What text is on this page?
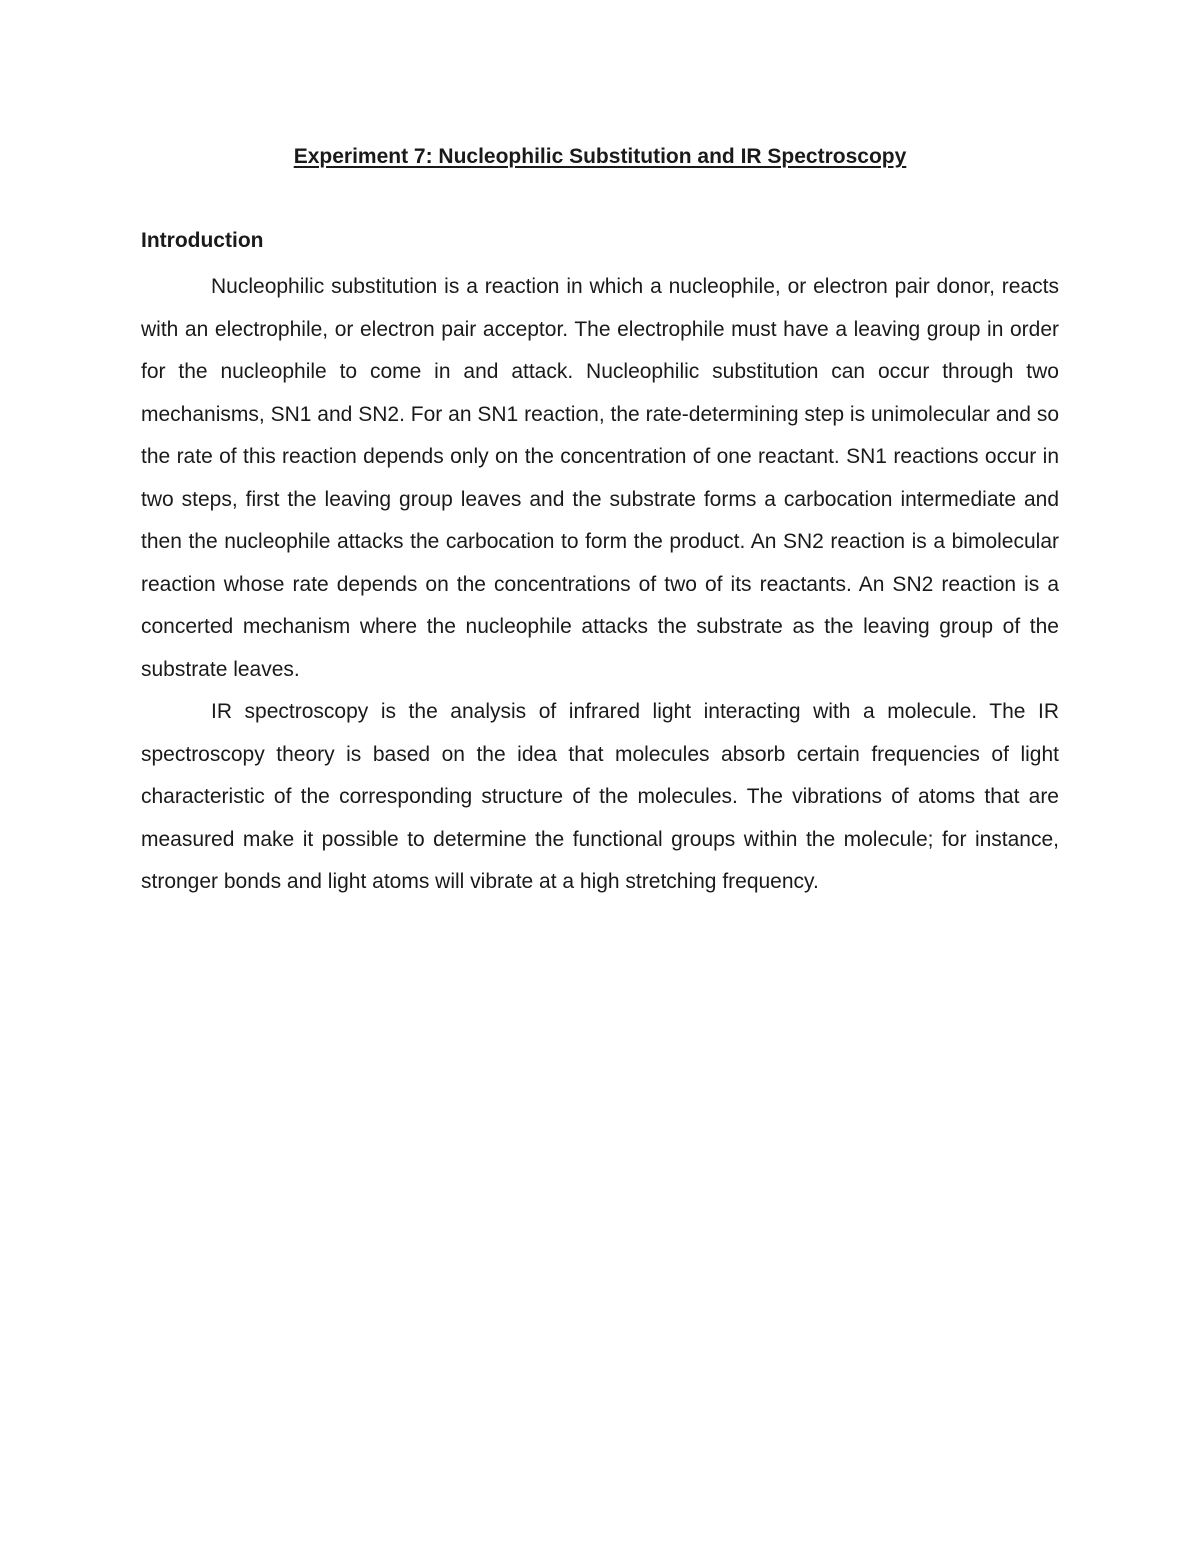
Experiment 7: Nucleophilic Substitution and IR Spectroscopy
Introduction

Nucleophilic substitution is a reaction in which a nucleophile, or electron pair donor, reacts with an electrophile, or electron pair acceptor. The electrophile must have a leaving group in order for the nucleophile to come in and attack. Nucleophilic substitution can occur through two mechanisms, SN1 and SN2. For an SN1 reaction, the rate-determining step is unimolecular and so the rate of this reaction depends only on the concentration of one reactant. SN1 reactions occur in two steps, first the leaving group leaves and the substrate forms a carbocation intermediate and then the nucleophile attacks the carbocation to form the product. An SN2 reaction is a bimolecular reaction whose rate depends on the concentrations of two of its reactants. An SN2 reaction is a concerted mechanism where the nucleophile attacks the substrate as the leaving group of the substrate leaves.

IR spectroscopy is the analysis of infrared light interacting with a molecule. The IR spectroscopy theory is based on the idea that molecules absorb certain frequencies of light characteristic of the corresponding structure of the molecules. The vibrations of atoms that are measured make it possible to determine the functional groups within the molecule; for instance, stronger bonds and light atoms will vibrate at a high stretching frequency.
